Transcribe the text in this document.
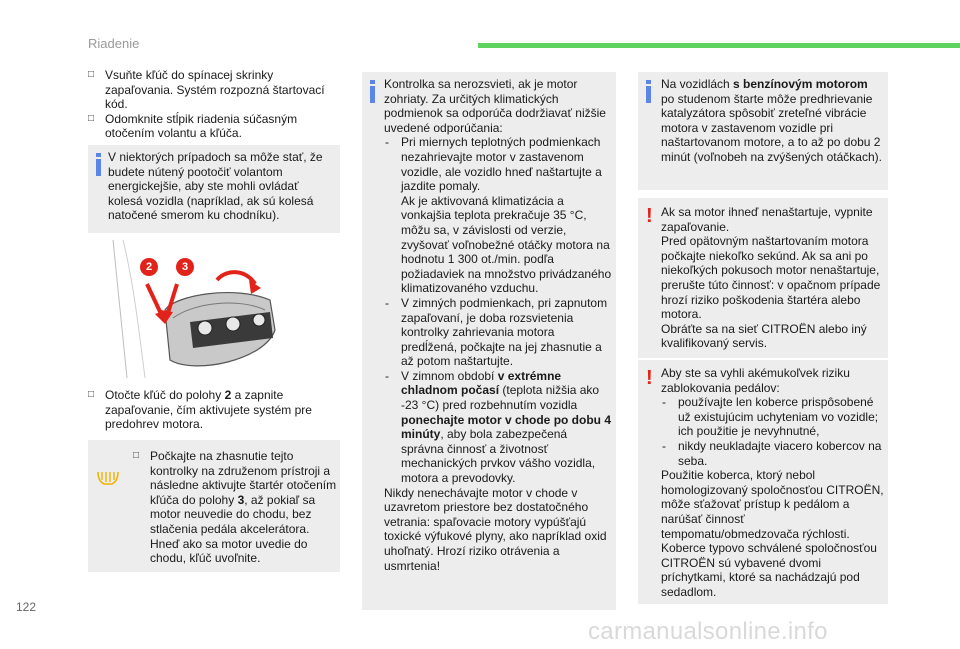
Riadenie
□ Vsuňte kľúč do spínacej skrinky zapaľovania. Systém rozpozná štartovací kód.
□ Odomknite stĺpik riadenia súčasným otočením volantu a kľúča.
V niektorých prípadoch sa môže stať, že budete nútený pootočiť volantom energickejšie, aby ste mohli ovládať kolesá vozidla (napríklad, ak sú kolesá natočené smerom ku chodníku).
2	3
□ Otočte kľúč do polohy 2 a zapnite zapaľovanie, čím aktivujete systém pre predohrev motora.
□ Počkajte na zhasnutie tejto kontrolky na združenom prístroji a následne aktivujte štartér otočením kľúča do polohy 3, až pokiaľ sa motor neuvedie do chodu, bez stlačenia pedála akcelerátora. Hneď ako sa motor uvedie do chodu, kľúč uvoľnite.
Kontrolka sa nerozsvieti, ak je motor zohriaty. Za určitých klimatických podmienok sa odporúča dodržiavať nižšie uvedené odporúčania:
- Pri miernych teplotných podmienkach nezahrievajte motor v zastavenom vozidle, ale vozidlo hneď naštartujte a jazdite pomaly.
Ak je aktivovaná klimatizácia a vonkajšia teplota prekračuje 35 °C, môžu sa, v závislosti od verzie, zvyšovať voľnobežné otáčky motora na hodnotu 1 300 ot./min. podľa požiadaviek na množstvo privádzaného klimatizovaného vzduchu.
- V zimných podmienkach, pri zapnutom zapaľovaní, je doba rozsvietenia kontrolky zahrievania motora predĺžená, počkajte na jej zhasnutie a až potom naštartujte.
- V zimnom období v extrémne chladnom počasí (teplota nižšia ako -23 °C) pred rozbehnutím vozidla ponechajte motor v chode po dobu 4 minúty, aby bola zabezpečená správna činnosť a životnosť mechanických prvkov vášho vozidla, motora a prevodovky.
Nikdy nenechávajte motor v chode v uzavretom priestore bez dostatočného vetrania: spaľovacie motory vypúšťajú toxické výfukové plyny, ako napríklad oxid uhoľnatý. Hrozí riziko otrávenia a usmrtenia!
Na vozidlách s benzínovým motorom po studenom štarte môže predhrievanie katalyzátora spôsobiť zreteľné vibrácie motora v zastavenom vozidle pri naštartovanom motore, a to až po dobu 2 minút (voľnobeh na zvýšených otáčkach).
! Ak sa motor ihneď nenaštartuje, vypnite zapaľovanie.
Pred opätovným naštartovaním motora počkajte niekoľko sekúnd. Ak sa ani po niekoľkých pokusoch motor nenaštartuje, prerušte túto činnosť: v opačnom prípade hrozí riziko poškodenia štartéra alebo motora.
Obráťte sa na sieť CITROËN alebo iný kvalifikovaný servis.
! Aby ste sa vyhli akémukoľvek riziku zablokovania pedálov:
- používajte len koberce prispôsobené už existujúcim uchyteniam vo vozidle; ich použitie je nevyhnutné,
- nikdy neukladajte viacero kobercov na seba.
Použitie koberca, ktorý nebol homologizovaný spoločnosťou CITROËN, môže sťažovať prístup k pedálom a narúšať činnosť tempomatu/obmedzovača rýchlosti.
Koberce typovo schválené spoločnosťou CITROËN sú vybavené dvomi príchytkami, ktoré sa nachádzajú pod sedadlom.
122
carmanualsonline.info
